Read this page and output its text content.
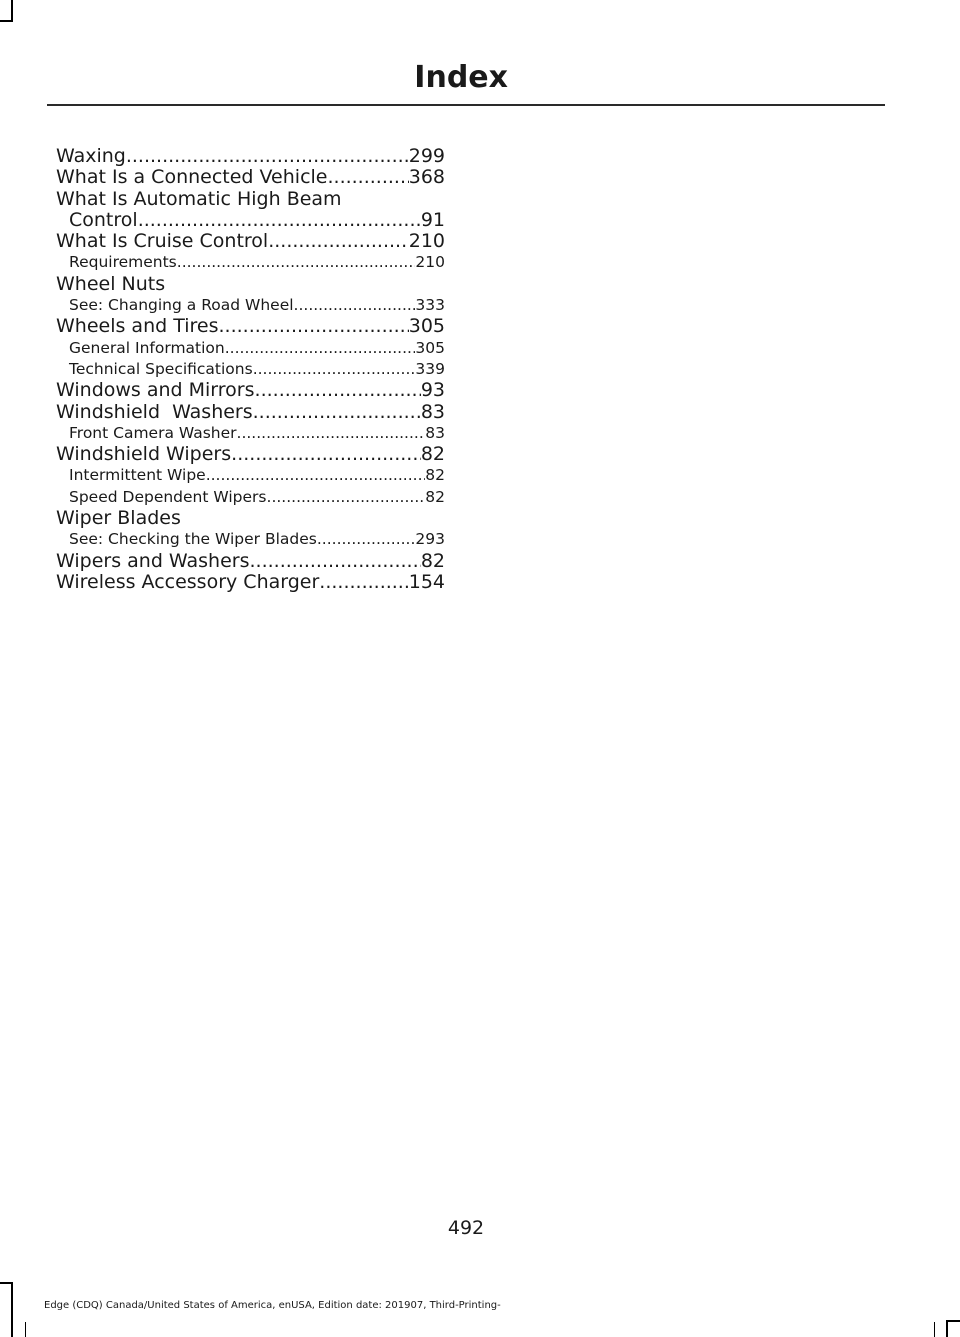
Index
Waxing .....	299
What Is a Connected Vehicle .....	368
What Is Automatic High Beam
Control .....	91
What Is Cruise Control .....	210
Requirements .....	210
Wheel Nuts
See: Changing a Road Wheel .....	333
Wheels and Tires .....	305
General Information .....	305
Technical Specifications .....	339
Windows and Mirrors .....	93
Windshield  Washers .....	83
Front Camera Washer .....	83
Windshield Wipers .....	82
Intermittent Wipe .....	82
Speed Dependent Wipers .....	82
Wiper Blades
See: Checking the Wiper Blades .....	293
Wipers and Washers .....	82
Wireless Accessory Charger .....	154
492
Edge (CDQ) Canada/United States of America, enUSA, Edition date: 201907, Third-Printing-
